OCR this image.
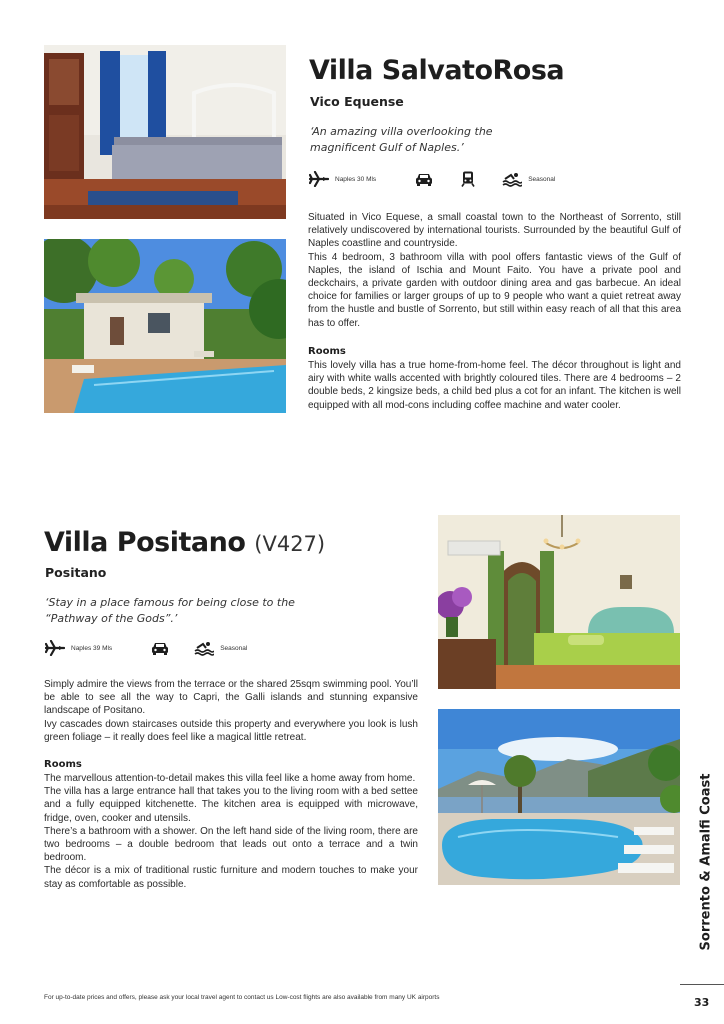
Villa SalvatoRosa

Vico Equense

‘An amazing villa overlooking the

magnificent Gulf of Naples.’

Naples 30 Mls	Seasonal

Situated in Vico Equese, a small coastal town to the Northeast of Sorrento, still relatively undiscovered by international tourists. Surrounded by the beautiful Gulf of Naples coastline and countryside.

This 4 bedroom, 3 bathroom villa with pool offers fantastic views of the Gulf of Naples, the island of Ischia and Mount Faito. You have a private pool and deckchairs, a private garden with outdoor dining area and gas barbecue. An ideal choice for families or larger groups of up to 9 people who want a quiet retreat away from the hustle and bustle of Sorrento, but still within easy reach of all that this area has to offer.

Rooms

This lovely villa has a true home-from-home feel. The décor throughout is light and airy with white walls accented with brightly coloured tiles. There are 4 bedrooms – 2 double beds, 2 kingsize beds, a child bed plus a cot for an infant. The kitchen is well equipped with all mod-cons including coffee machine and water cooler.

Villa Positano (V427)

Positano

‘Stay in a place famous for being close to the

“Pathway of the Gods”.’

Naples 39 Mls	Seasonal

Simply admire the views from the terrace or the shared 25sqm swimming pool. You’ll be able to see all the way to Capri, the Galli islands and stunning expansive landscape of Positano.

Ivy cascades down staircases outside this property and everywhere you look is lush green foliage – it really does feel like a magical little retreat.

Rooms

The marvellous attention-to-detail makes this villa feel like a home away from home.

The villa has a large entrance hall that takes you to the living room with a bed settee and a fully equipped kitchenette. The kitchen area is equipped with microwave, fridge, oven, cooker and utensils.

There’s a bathroom with a shower. On the left hand side of the living room, there are two bedrooms – a double bedroom that leads out onto a terrace and a twin bedroom.

The décor is a mix of traditional rustic furniture and modern touches to make your stay as comfortable as possible.	Sorrento & Amalfi Coast
For up-to-date prices and offers, please ask your local travel agent to contact us Low-cost flights are also available from many UK airports	33
